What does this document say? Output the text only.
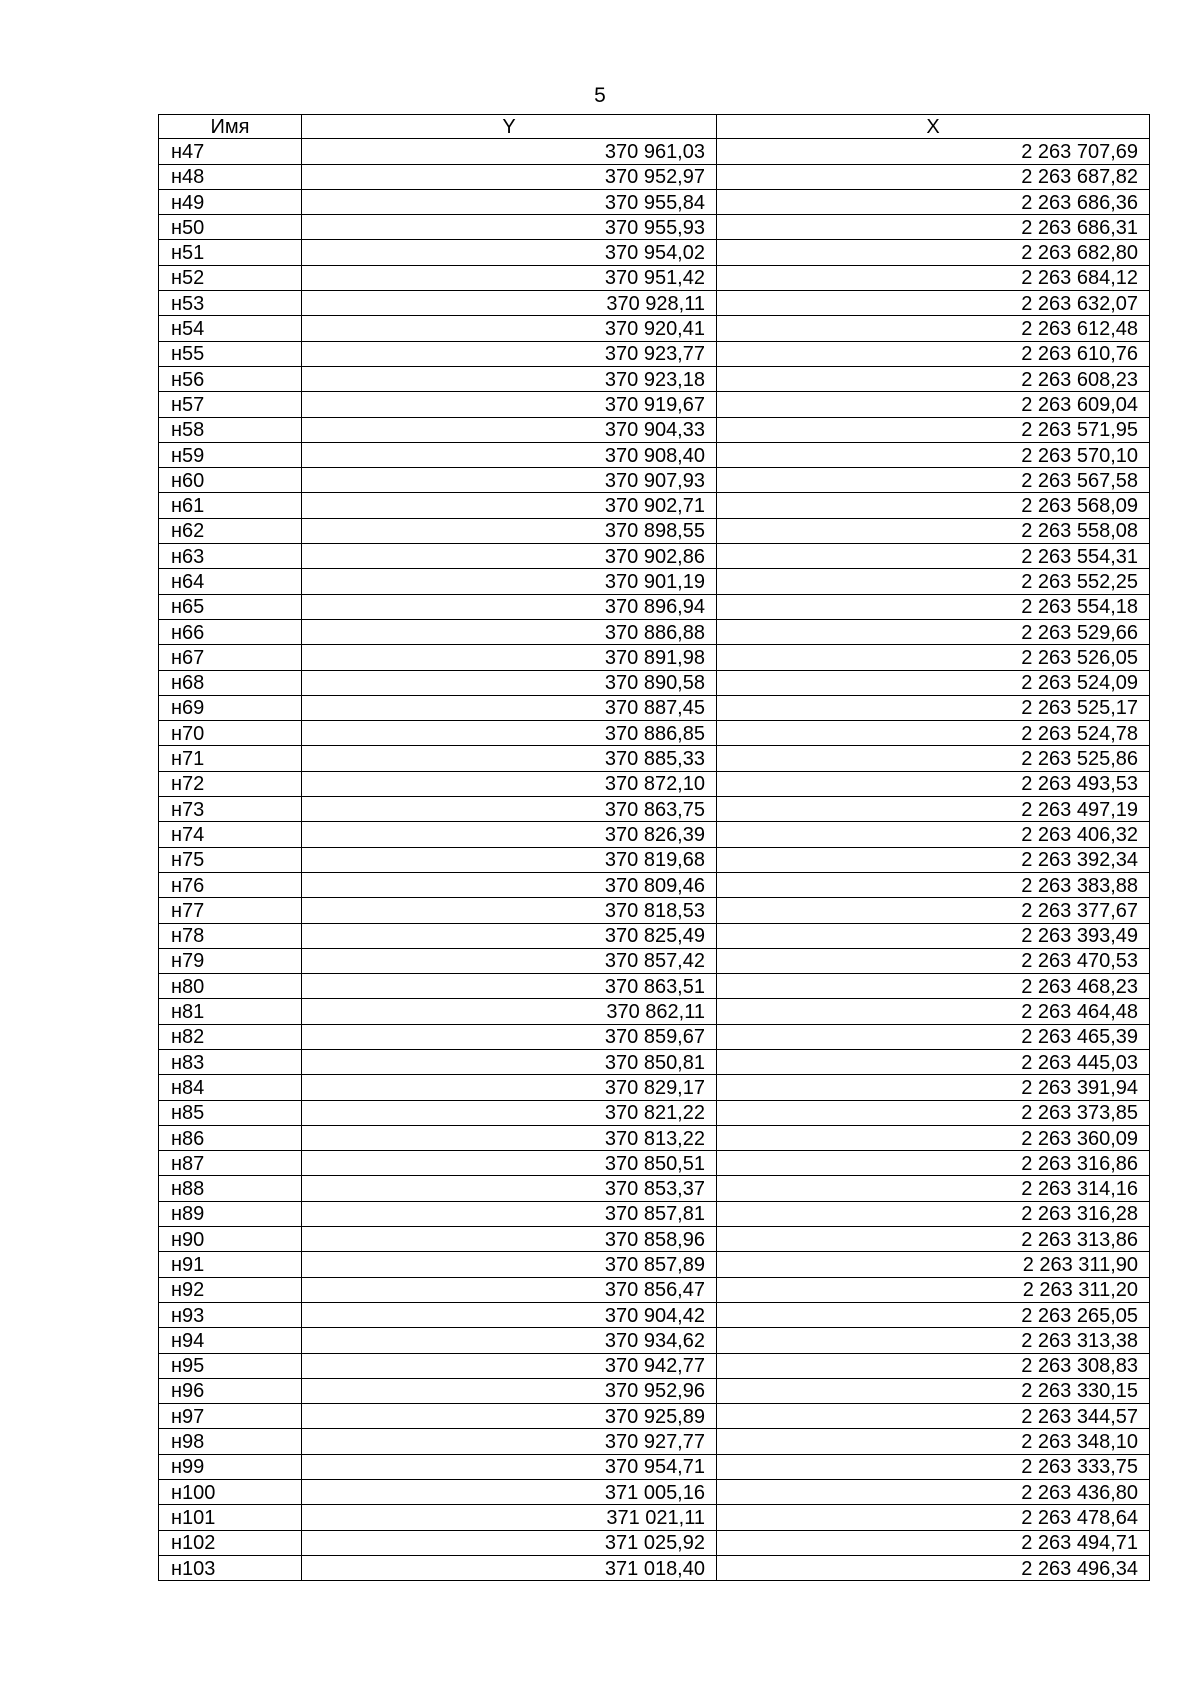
5
Имя	Y	X
н47	370 961,03	2 263 707,69
н48	370 952,97	2 263 687,82
н49	370 955,84	2 263 686,36
н50	370 955,93	2 263 686,31
н51	370 954,02	2 263 682,80
н52	370 951,42	2 263 684,12
н53	370 928,11	2 263 632,07
н54	370 920,41	2 263 612,48
н55	370 923,77	2 263 610,76
н56	370 923,18	2 263 608,23
н57	370 919,67	2 263 609,04
н58	370 904,33	2 263 571,95
н59	370 908,40	2 263 570,10
н60	370 907,93	2 263 567,58
н61	370 902,71	2 263 568,09
н62	370 898,55	2 263 558,08
н63	370 902,86	2 263 554,31
н64	370 901,19	2 263 552,25
н65	370 896,94	2 263 554,18
н66	370 886,88	2 263 529,66
н67	370 891,98	2 263 526,05
н68	370 890,58	2 263 524,09
н69	370 887,45	2 263 525,17
н70	370 886,85	2 263 524,78
н71	370 885,33	2 263 525,86
н72	370 872,10	2 263 493,53
н73	370 863,75	2 263 497,19
н74	370 826,39	2 263 406,32
н75	370 819,68	2 263 392,34
н76	370 809,46	2 263 383,88
н77	370 818,53	2 263 377,67
н78	370 825,49	2 263 393,49
н79	370 857,42	2 263 470,53
н80	370 863,51	2 263 468,23
н81	370 862,11	2 263 464,48
н82	370 859,67	2 263 465,39
н83	370 850,81	2 263 445,03
н84	370 829,17	2 263 391,94
н85	370 821,22	2 263 373,85
н86	370 813,22	2 263 360,09
н87	370 850,51	2 263 316,86
н88	370 853,37	2 263 314,16
н89	370 857,81	2 263 316,28
н90	370 858,96	2 263 313,86
н91	370 857,89	2 263 311,90
н92	370 856,47	2 263 311,20
н93	370 904,42	2 263 265,05
н94	370 934,62	2 263 313,38
н95	370 942,77	2 263 308,83
н96	370 952,96	2 263 330,15
н97	370 925,89	2 263 344,57
н98	370 927,77	2 263 348,10
н99	370 954,71	2 263 333,75
н100	371 005,16	2 263 436,80
н101	371 021,11	2 263 478,64
н102	371 025,92	2 263 494,71
н103	371 018,40	2 263 496,34
